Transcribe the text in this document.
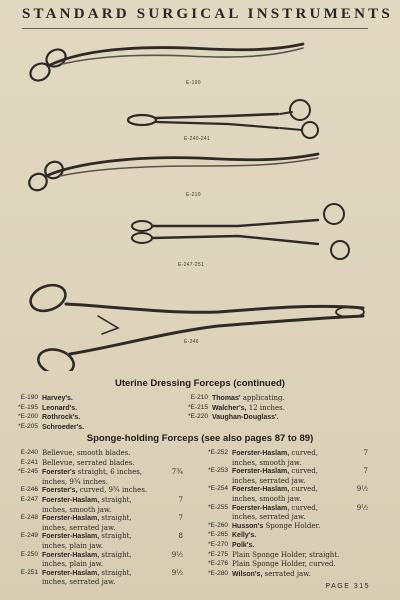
STANDARD SURGICAL INSTRUMENTS
E-190
E-240-241
E-210
E-247-251
E-246
Uterine Dressing Forceps (continued)
E-190 Harvey's.
*E-195 Leonard's.
*E-200 Rothrock's.
*E-205 Schroeder's.
E-210 Thomas' applicating.
*E-215 Walcher's, 12 inches.
*E-220 Vaughan-Douglass'.
Sponge-holding Forceps (see also pages 87 to 89)
E-240 Bellevue, smooth blades.
E-241 Bellevue, serrated blades.
*E-245 Foerster's straight, 6 inches,	7¾
inches, 9¾ inches.
E-246 Foerster's, curved, 9¾ inches.
E-247 Foerster-Haslam, straight,	7
inches, smooth jaw.
E-248 Foerster-Haslam, straight,	7
inches, serrated jaw.
E-249 Foerster-Haslam, straight,	8
inches, plain jaw.
E-250 Foerster-Haslam, straight,	9½
inches, plain jaw.
E-251 Foerster-Haslam, straight,	9½
inches, serrated jaw.
*E-252 Foerster-Haslam, curved,	7
inches, smooth jaw.
*E-253 Foerster-Haslam, curved,	7
inches, serrated jaw.
*E-254 Foerster-Haslam, curved,	9½
inches, smooth jaw.
*E-255 Foerster-Haslam, curved,	9½
inches, serrated jaw.
*E-260 Husson's Sponge Holder.
*E-265 Kelly's.
*E-270 Polk's.
*E-275 Plain Sponge Holder, straight.
*E-276 Plain Sponge Holder, curved.
*E-280 Wilson's, serrated jaw.
PAGE 315
